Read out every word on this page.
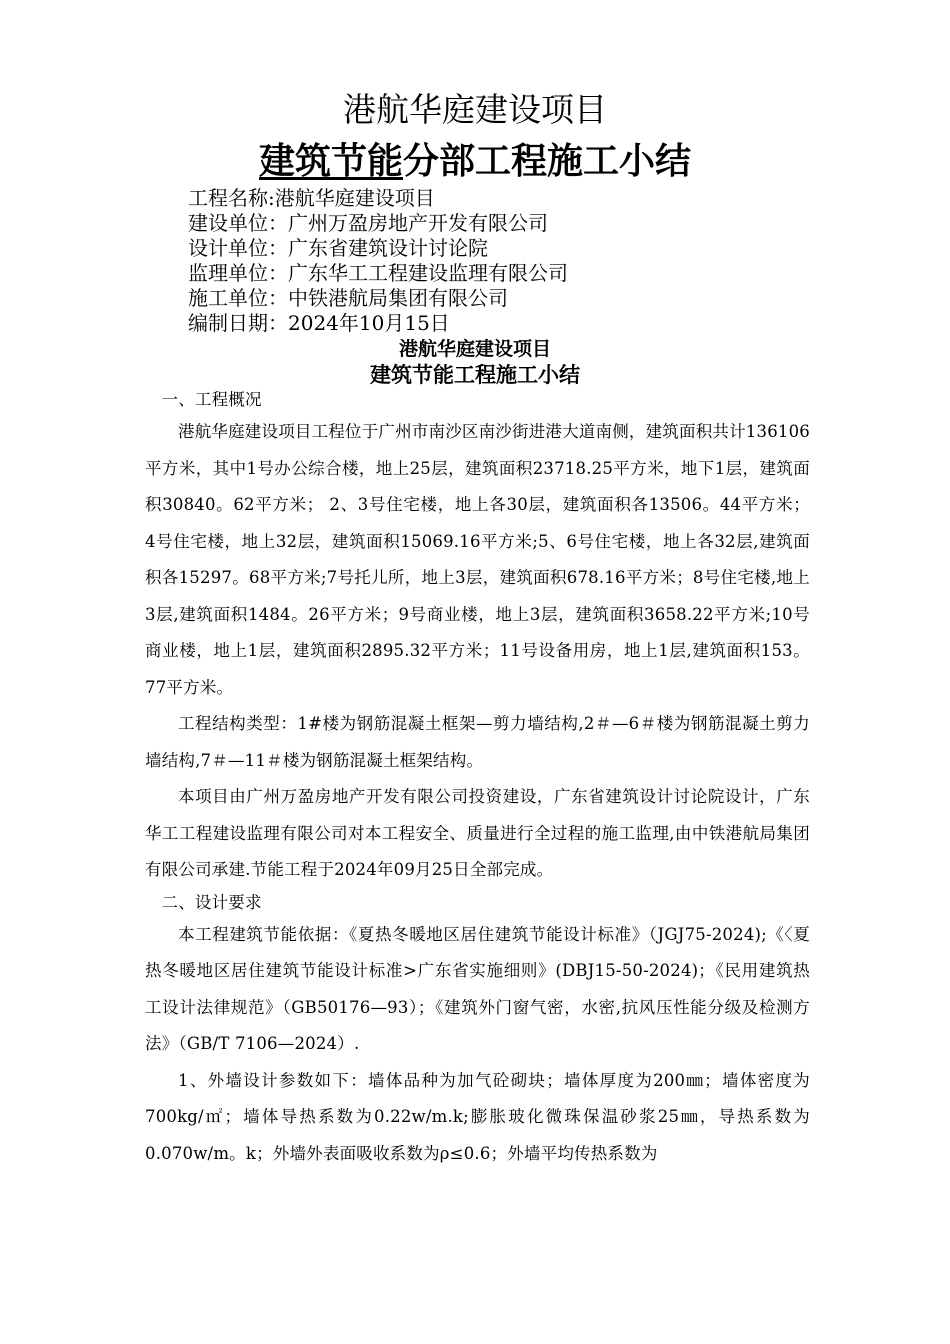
港航华庭建设项目
建筑节能分部工程施工小结
工程名称:港航华庭建设项目
建设单位：广州万盈房地产开发有限公司
设计单位：广东省建筑设计讨论院
监理单位：广东华工工程建设监理有限公司
施工单位：中铁港航局集团有限公司
编制日期：2024年10月15日
港航华庭建设项目
建筑节能工程施工小结
一、工程概况

港航华庭建设项目工程位于广州市南沙区南沙街进港大道南侧，建筑面积共计136106平方米，其中1号办公综合楼，地上25层，建筑面积23718.25平方米，地下1层，建筑面积30840。62平方米； 2、3号住宅楼，地上各30层，建筑面积各13506。44平方米； 4号住宅楼，地上32层，建筑面积15069.16平方米;5、6号住宅楼，地上各32层,建筑面积各15297。68平方米;7号托儿所，地上3层，建筑面积678.16平方米；8号住宅楼,地上3层,建筑面积1484。26平方米；9号商业楼，地上3层，建筑面积3658.22平方米;10号商业楼，地上1层，建筑面积2895.32平方米；11号设备用房，地上1层,建筑面积153。77平方米。

工程结构类型：1#楼为钢筋混凝土框架—剪力墙结构,2＃—6＃楼为钢筋混凝土剪力墙结构,7＃—11＃楼为钢筋混凝土框架结构。

本项目由广州万盈房地产开发有限公司投资建设，广东省建筑设计讨论院设计，广东华工工程建设监理有限公司对本工程安全、质量进行全过程的施工监理,由中铁港航局集团有限公司承建.节能工程于2024年09月25日全部完成。

二、设计要求

本工程建筑节能依据：《夏热冬暖地区居住建筑节能设计标准》（JGJ75-2024);《〈夏热冬暖地区居住建筑节能设计标准>广东省实施细则》(DBJ15-50-2024)；《民用建筑热工设计法律规范》（GB50176—93）；《建筑外门窗气密，水密,抗风压性能分级及检测方法》（GB/T 7106—2024）.

1、外墙设计参数如下：墙体品种为加气砼砌块；墙体厚度为200㎜；墙体密度为700kg/㎡；墙体导热系数为0.22w/m.k;膨胀玻化微珠保温砂浆25㎜，导热系数为0.070w/m。k；外墙外表面吸收系数为ρ≤0.6；外墙平均传热系数为
